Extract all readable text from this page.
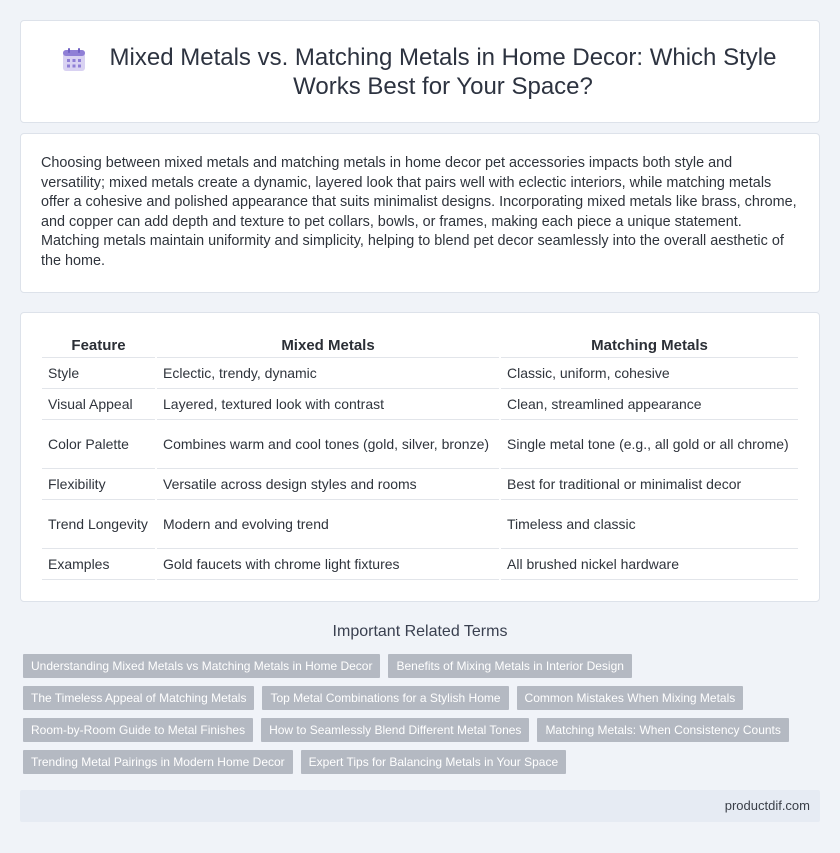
Mixed Metals vs. Matching Metals in Home Decor: Which Style Works Best for Your Space?

Choosing between mixed metals and matching metals in home decor pet accessories impacts both style and versatility; mixed metals create a dynamic, layered look that pairs well with eclectic interiors, while matching metals offer a cohesive and polished appearance that suits minimalist designs. Incorporating mixed metals like brass, chrome, and copper can add depth and texture to pet collars, bowls, or frames, making each piece a unique statement. Matching metals maintain uniformity and simplicity, helping to blend pet decor seamlessly into the overall aesthetic of the home.

Feature	Mixed Metals	Matching Metals
Style	Eclectic, trendy, dynamic	Classic, uniform, cohesive
Visual Appeal	Layered, textured look with contrast	Clean, streamlined appearance
Color Palette	Combines warm and cool tones (gold, silver, bronze)	Single metal tone (e.g., all gold or all chrome)
Flexibility	Versatile across design styles and rooms	Best for traditional or minimalist decor
Trend Longevity	Modern and evolving trend	Timeless and classic
Examples	Gold faucets with chrome light fixtures	All brushed nickel hardware
Important Related Terms
Understanding Mixed Metals vs Matching Metals in Home Decor	Benefits of Mixing Metals in Interior Design
The Timeless Appeal of Matching Metals	Top Metal Combinations for a Stylish Home	Common Mistakes When Mixing Metals
Room-by-Room Guide to Metal Finishes	How to Seamlessly Blend Different Metal Tones	Matching Metals: When Consistency Counts
Trending Metal Pairings in Modern Home Decor	Expert Tips for Balancing Metals in Your Space
productdif.com
